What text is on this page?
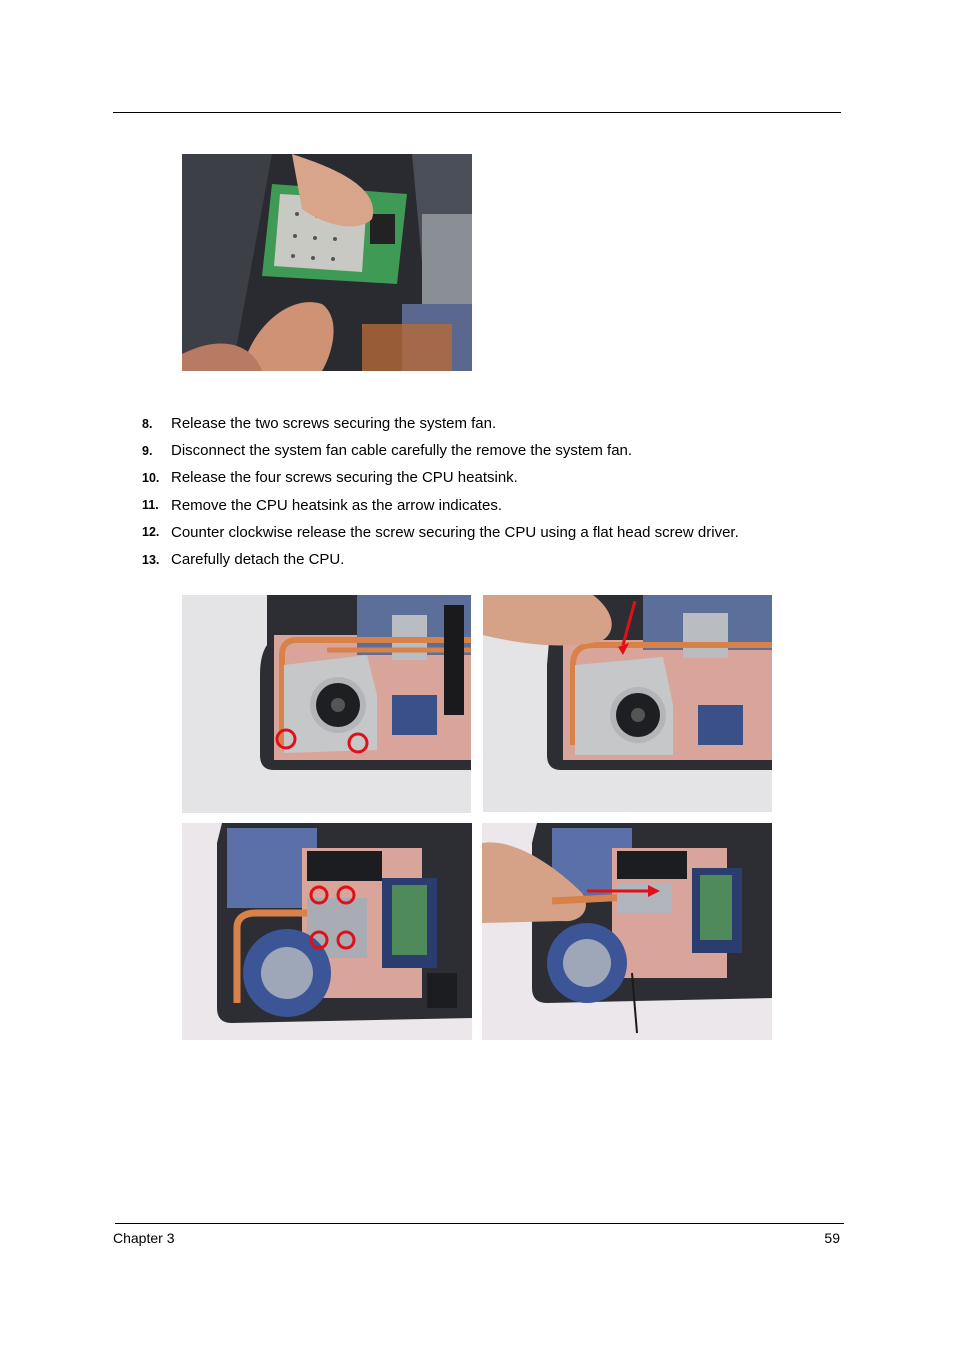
8.	Release the two screws securing the system fan.
9.	Disconnect the system fan cable carefully the remove the system fan.
10. Release the four screws securing the CPU heatsink.
11. Remove the CPU heatsink as the arrow indicates.
12. Counter clockwise release the screw securing the CPU using a flat head screw driver.
13. Carefully detach the CPU.
Chapter 3	59
